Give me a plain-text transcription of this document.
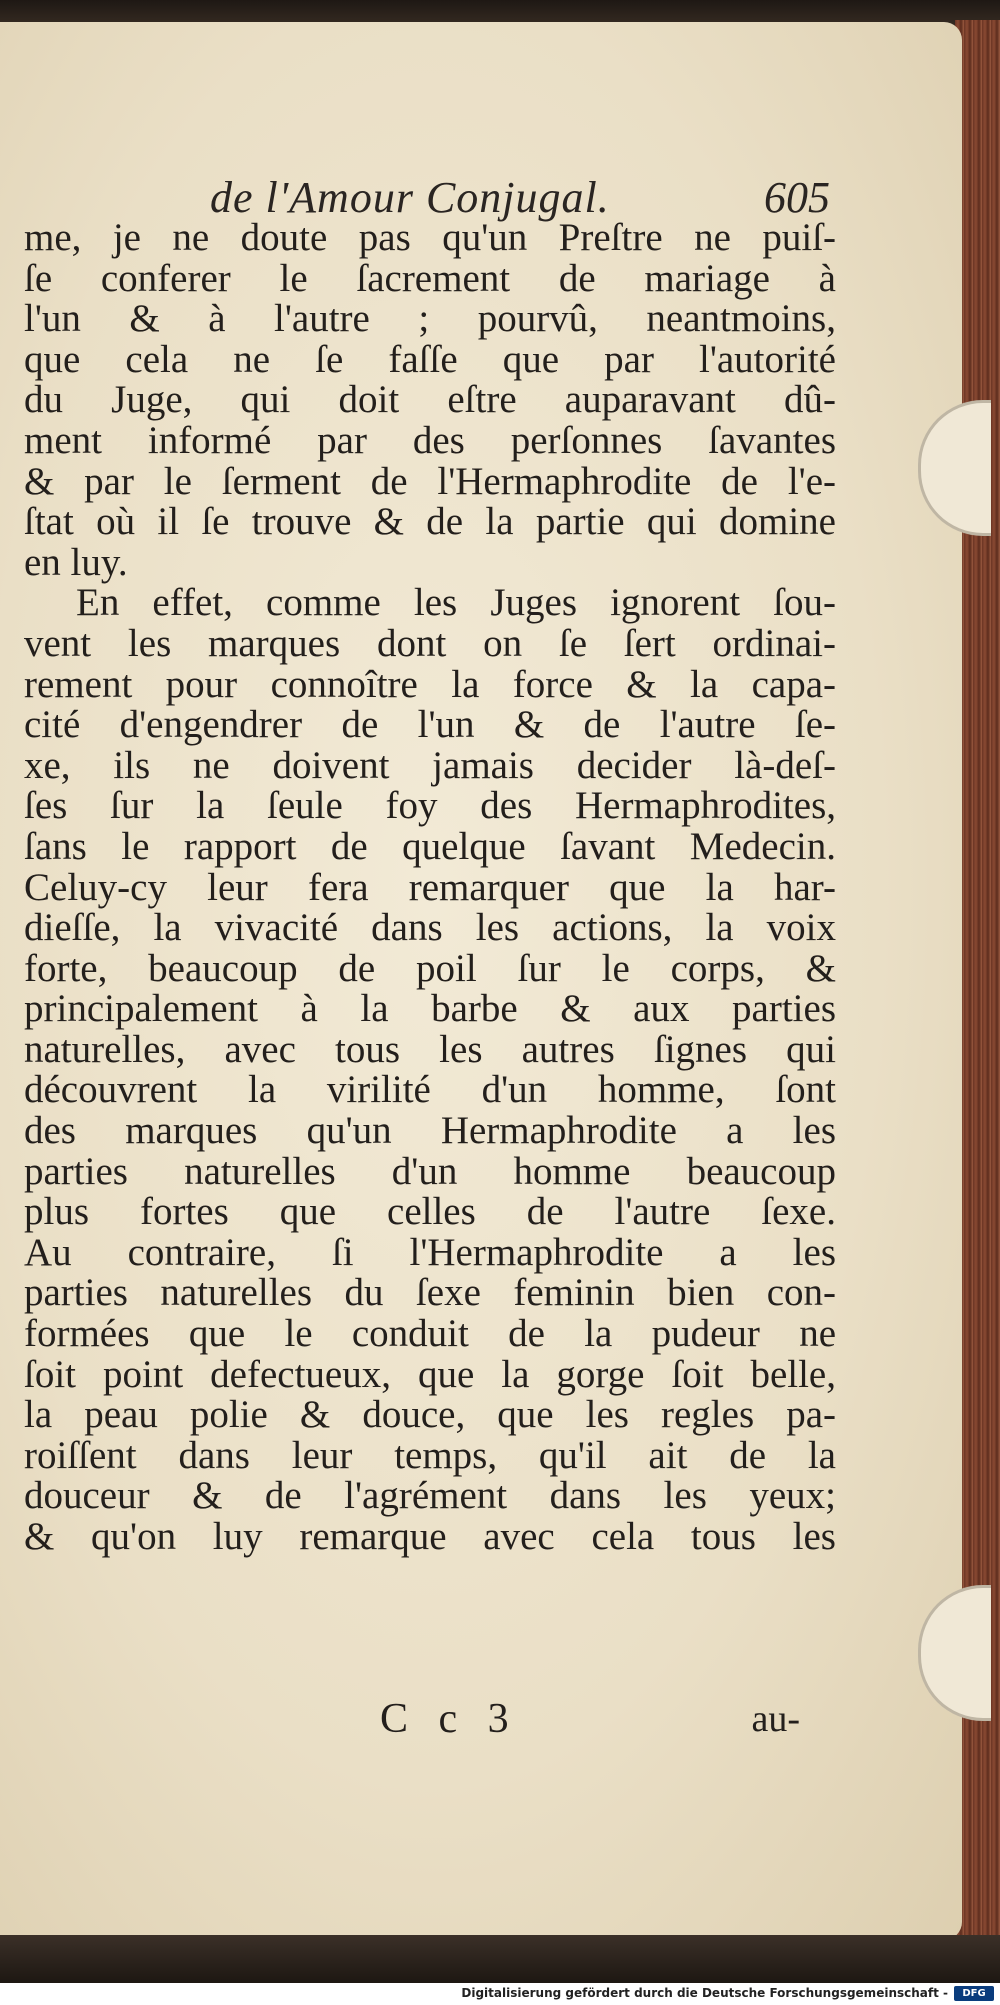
de l'Amour Conjugal.	605
me, je ne doute pas qu'un Preſtre ne puiſ-
ſe conferer le ſacrement de mariage à
l'un & à l'autre ; pourvû, neantmoins,
que cela ne ſe faſſe que par l'autorité
du Juge, qui doit eſtre auparavant dû-
ment informé par des perſonnes ſavantes
& par le ſerment de l'Hermaphrodite de l'e-
ſtat où il ſe trouve & de la partie qui domine
en luy.
En effet, comme les Juges ignorent ſou-
vent les marques dont on ſe ſert ordinai-
rement pour connoître la force & la capa-
cité d'engendrer de l'un & de l'autre ſe-
xe, ils ne doivent jamais decider là-deſ-
ſes ſur la ſeule foy des Hermaphrodites,
ſans le rapport de quelque ſavant Medecin.
Celuy-cy leur fera remarquer que la har-
dieſſe, la vivacité dans les actions, la voix
forte, beaucoup de poil ſur le corps, &
principalement à la barbe & aux parties
naturelles, avec tous les autres ſignes qui
découvrent la virilité d'un homme, ſont
des marques qu'un Hermaphrodite a les
parties naturelles d'un homme beaucoup
plus fortes que celles de l'autre ſexe.
Au contraire, ſi l'Hermaphrodite a les
parties naturelles du ſexe feminin bien con-
formées que le conduit de la pudeur ne
ſoit point defectueux, que la gorge ſoit belle,
la peau polie & douce, que les regles pa-
roiſſent dans leur temps, qu'il ait de la
douceur & de l'agrément dans les yeux;
& qu'on luy remarque avec cela tous les
C c 3	au-
Digitalisierung gefördert durch die Deutsche Forschungsgemeinschaft -	DFG
